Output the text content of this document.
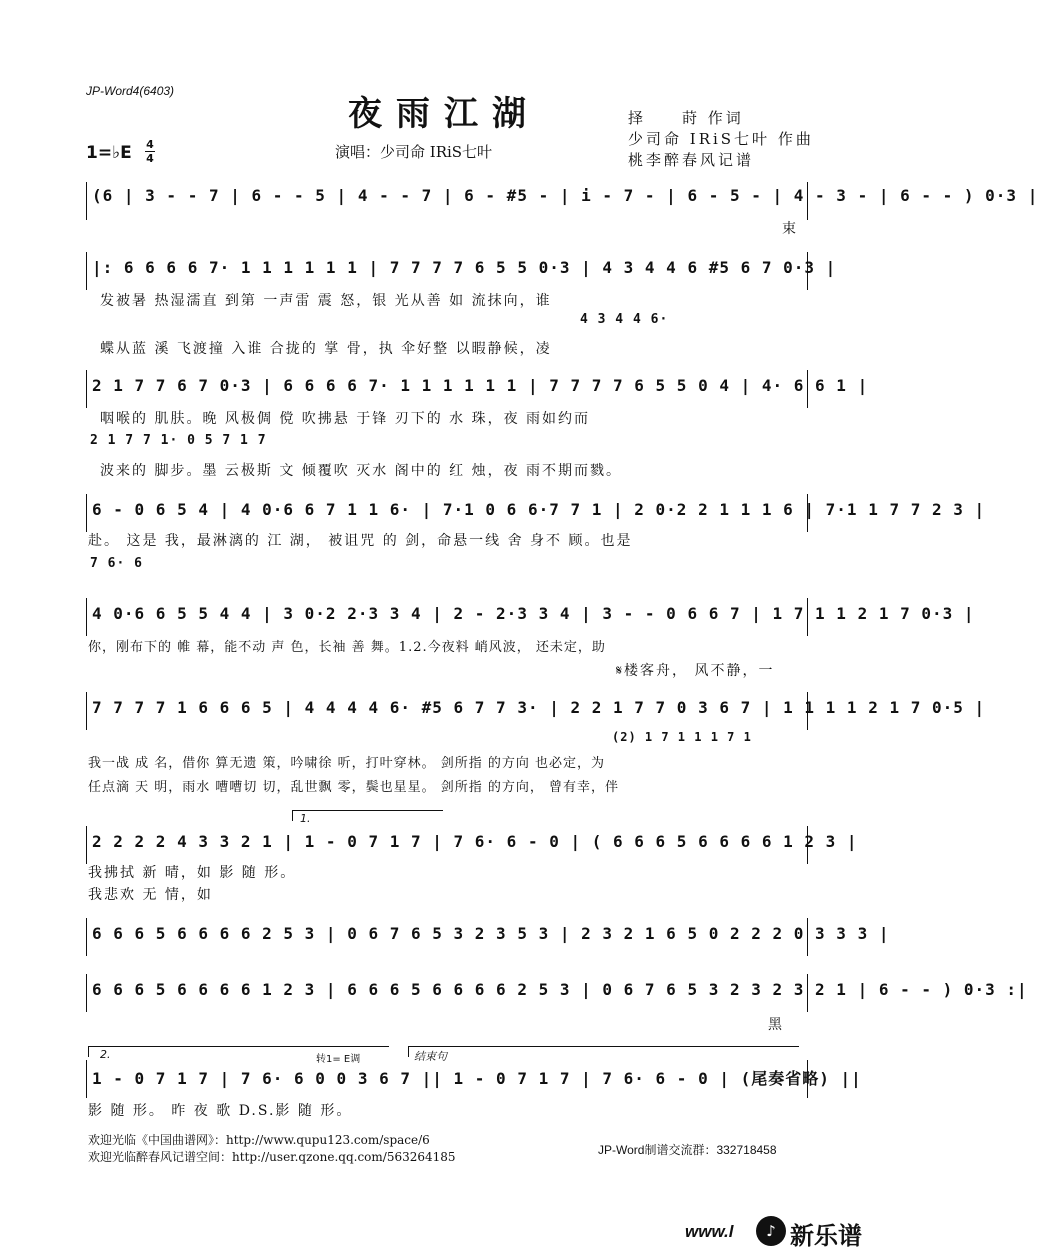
JP-Word4(6403)
夜雨江湖	择　　莳 作词
少司命 IRiS七叶 作曲
桃李醉春风记谱
1=♭E 4
4	演唱：少司命 IRiS七叶
(6 | 3 - - 7 | 6 - - 5 | 4 - - 7 | 6 - #5 - | i - 7 - | 6 - 5 - | 4 - 3 - | 6 - - ) 0·3 |
束
|: 6 6 6 6 7· 1 1 1 1 1 1 | 7 7 7 7 6 5 5 0·3 | 4 3 4 4 6 #5 6 7 0·3 |
发被暑 热湿濡直 到第 一声雷 震 怒，银 光从善 如 流抹向，谁
4 3 4 4 6·
蝶从蓝 溪 飞渡撞 入谁 合拢的 掌 骨，执 伞好整 以暇静候，凌
2 1 7 7 6 7 0·3 | 6 6 6 6 7· 1 1 1 1 1 1 | 7 7 7 7 6 5 5 0 4 | 4· 6 6 1 |
咽喉的 肌肤。晚 风极倜 傥 吹拂悬 于锋 刃下的 水 珠，夜 雨如约而
2 1 7 7 1· 0 5 7 1 7
波来的 脚步。墨 云极斯 文 倾覆吹 灭水 阁中的 红 烛，夜 雨不期而戮。
6 - 0 6 5 4 | 4 0·6 6 7 1 1 6· | 7·1 0 6 6·7 7 1 | 2 0·2 2 1 1 1 6 | 7·1 1 7 7 2 3 |
赴。 这是 我，最淋漓的 江 湖， 被诅咒 的 剑，命悬一线 舍 身不 顾。也是
7 6· 6
4 0·6 6 5 5 4 4 | 3 0·2 2·3 3 4 | 2 - 2·3 3 4 | 3 - - 0 6 6 7 | 1 7 1 1 2 1 7 0·3 |
你，刚布下的 帷 幕，能不动 声 色，长袖 善 舞。1.2.今夜料 峭风波， 还未定，助
𝄋楼客舟， 风不静，一
7 7 7 7 1 6 6 6 5 | 4 4 4 4 6· #5 6 7 7 3· | 2 2 1 7 7 0 3 6 7 | 1 1 1 1 2 1 7 0·5 |
(2) 1 7 1 1 1 7 1
我一战 成 名，借你 算无遗 策，吟啸徐 听，打叶穿林。 剑所指 的方向 也必定，为
任点滴 天 明，雨水 嘈嘈切 切，乱世飘 零，鬓也星星。 剑所指 的方向， 曾有幸，伴
1.
2 2 2 2 4 3 3 2 1 | 1 - 0 7 1 7 | 7 6· 6 - 0 | ( 6 6 6 5 6 6 6 6 1 2 3 |
我拂拭 新 晴，如 影 随 形。
我悲欢 无 情，如
6 6 6 5 6 6 6 6 2 5 3 | 0 6 7 6 5 3 2 3 5 3 | 2 3 2 1 6 5 0 2 2 2 0 3 3 3 |
6 6 6 5 6 6 6 6 1 2 3 | 6 6 6 5 6 6 6 6 2 5 3 | 0 6 7 6 5 3 2 3 2 3 2 1 | 6 - - ) 0·3 :|
黑
2.	转1= E调	结束句
1 - 0 7 1 7 | 7 6· 6 0 0 3 6 7 || 1 - 0 7 1 7 | 7 6· 6 - 0 | (尾奏省略) ||
影 随 形。 昨 夜 歌 D.S.影 随 形。
欢迎光临《中国曲谱网》：http://www.qupu123.com/space/6
欢迎光临醉春风记谱空间：http://user.qzone.qq.com/563264185	JP-Word制谱交流群：332718458
www.l	♪ 新乐谱
